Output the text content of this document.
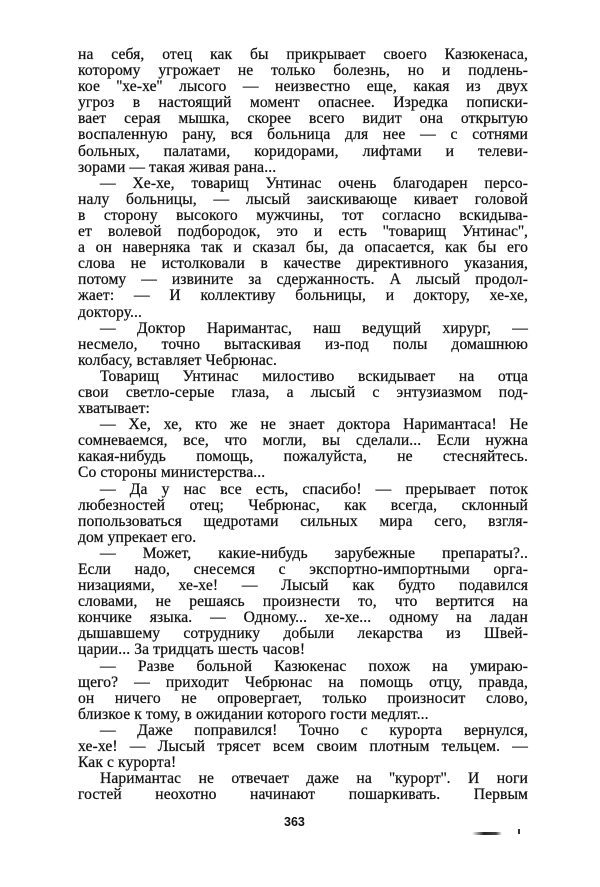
на себя, отец как бы прикрывает своего Казюкенаса,
которому угрожает не только болезнь, но и подлень-
кое ''хе-хе'' лысого — неизвестно еще, какая из двух
угроз в настоящий момент опаснее. Изредка пописки-
вает серая мышка, скорее всего видит она открытую
воспаленную рану, вся больница для нее — с сотнями
больных, палатами, коридорами, лифтами и телеви-
зорами — такая живая рана...
— Хе-хе, товарищ Унтинас очень благодарен персо-
налу больницы, — лысый заискивающе кивает головой
в сторону высокого мужчины, тот согласно вскидыва-
ет волевой подбородок, это и есть ''товарищ Унтинас'',
а он наверняка так и сказал бы, да опасается, как бы его
слова не истолковали в качестве директивного указания,
потому — извините за сдержанность. А лысый продол-
жает: — И коллективу больницы, и доктору, хе-хе,
доктору...
— Доктор Наримантас, наш ведущий хирург, —
несмело, точно вытаскивая из-под полы домашнюю
колбасу, вставляет Чебрюнас.
Товарищ Унтинас милостиво вскидывает на отца
свои светло-серые глаза, а лысый с энтузиазмом под-
хватывает:
— Хе, хе, кто же не знает доктора Наримантаса! Не
сомневаемся, все, что могли, вы сделали... Если нужна
какая-нибудь помощь, пожалуйста, не стесняйтесь.
Со стороны министерства...
— Да у нас все есть, спасибо! — прерывает поток
любезностей отец; Чебрюнас, как всегда, склонный
попользоваться щедротами сильных мира сего, взгля-
дом упрекает его.
— Может, какие-нибудь зарубежные препараты?..
Если надо, снесемся с экспортно-импортными орга-
низациями, хе-хе! — Лысый как будто подавился
словами, не решаясь произнести то, что вертится на
кончике языка. — Одному... хе-хе... одному на ладан
дышавшему сотруднику добыли лекарства из Швей-
царии... За тридцать шесть часов!
— Разве больной Казюкенас похож на умираю-
щего? — приходит Чебрюнас на помощь отцу, правда,
он ничего не опровергает, только произносит слово,
близкое к тому, в ожидании которого гости медлят...
— Даже поправился! Точно с курорта вернулся,
хе-хе! — Лысый трясет всем своим плотным тельцем. —
Как с курорта!
Наримантас не отвечает даже на ''курорт''. И ноги
гостей неохотно начинают пошаркивать. Первым
363
